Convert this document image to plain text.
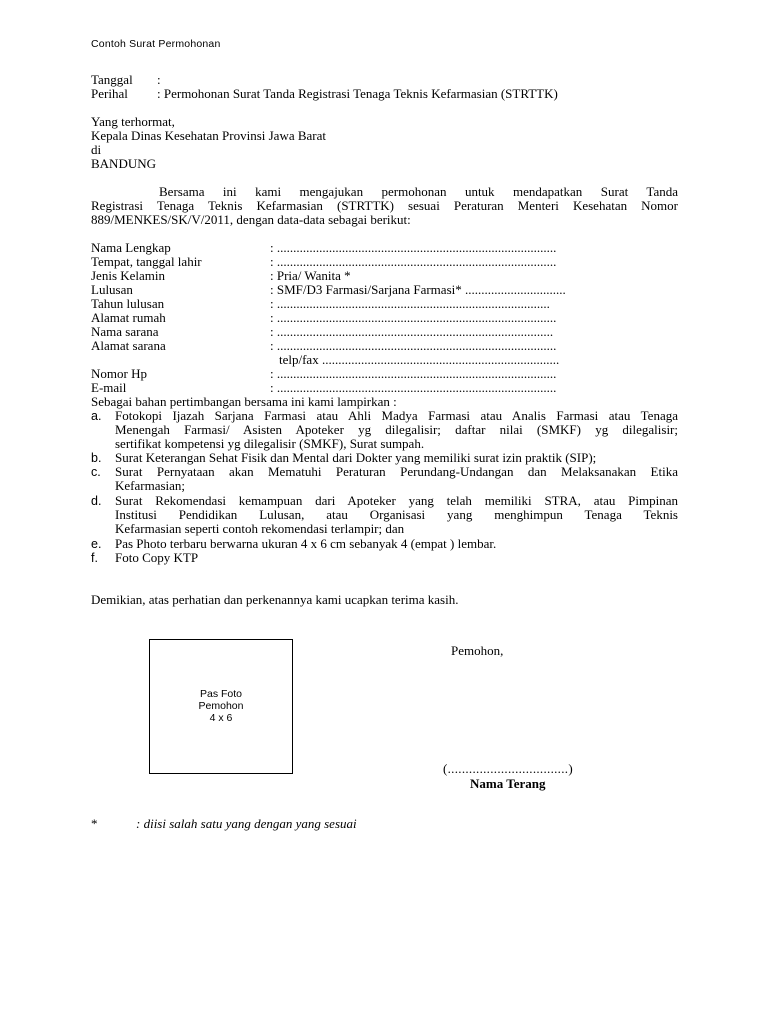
Contoh Surat Permohonan
Tanggal :
Perihal : Permohonan Surat Tanda Registrasi Tenaga Teknis Kefarmasian (STRTTK)
Yang terhormat,
Kepala Dinas Kesehatan Provinsi Jawa Barat
di
BANDUNG
Bersama ini kami mengajukan permohonan untuk mendapatkan Surat Tanda
Registrasi Tenaga Teknis Kefarmasian (STRTTK) sesuai Peraturan Menteri Kesehatan Nomor
889/MENKES/SK/V/2011, dengan data-data sebagai berikut:
Nama Lengkap	: ......................................................................................
Tempat, tanggal lahir	: ......................................................................................
Jenis Kelamin	: Pria/ Wanita *
Lulusan	: SMF/D3 Farmasi/Sarjana Farmasi* ...............................
Tahun lulusan	: ....................................................................................
Alamat rumah	: ......................................................................................
Nama sarana	: .....................................................................................
Alamat sarana	: ......................................................................................
telp/fax .........................................................................
Nomor Hp	: ......................................................................................
E-mail	: ......................................................................................
Sebagai bahan pertimbangan bersama ini kami lampirkan :
a. Fotokopi Ijazah Sarjana Farmasi atau Ahli Madya Farmasi atau Analis Farmasi atau Tenaga
Menengah Farmasi/ Asisten Apoteker yg dilegalisir; daftar nilai (SMKF) yg dilegalisir;
sertifikat kompetensi yg dilegalisir (SMKF), Surat sumpah.
b. Surat Keterangan Sehat Fisik dan Mental dari Dokter yang memiliki surat izin praktik (SIP);
c. Surat Pernyataan akan Mematuhi Peraturan Perundang-Undangan dan Melaksanakan Etika
Kefarmasian;
d. Surat Rekomendasi kemampuan dari Apoteker yang telah memiliki STRA, atau Pimpinan
Institusi Pendidikan Lulusan, atau Organisasi yang menghimpun Tenaga Teknis
Kefarmasian seperti contoh rekomendasi terlampir; dan
e. Pas Photo terbaru berwarna ukuran 4 x 6 cm sebanyak 4 (empat ) lembar.
f. Foto Copy KTP
Demikian, atas perhatian dan perkenannya kami ucapkan terima kasih.
Pas Foto
Pemohon
4 x 6
Pemohon,
(..................................)
Nama Terang
*	: diisi salah satu yang dengan yang sesuai
